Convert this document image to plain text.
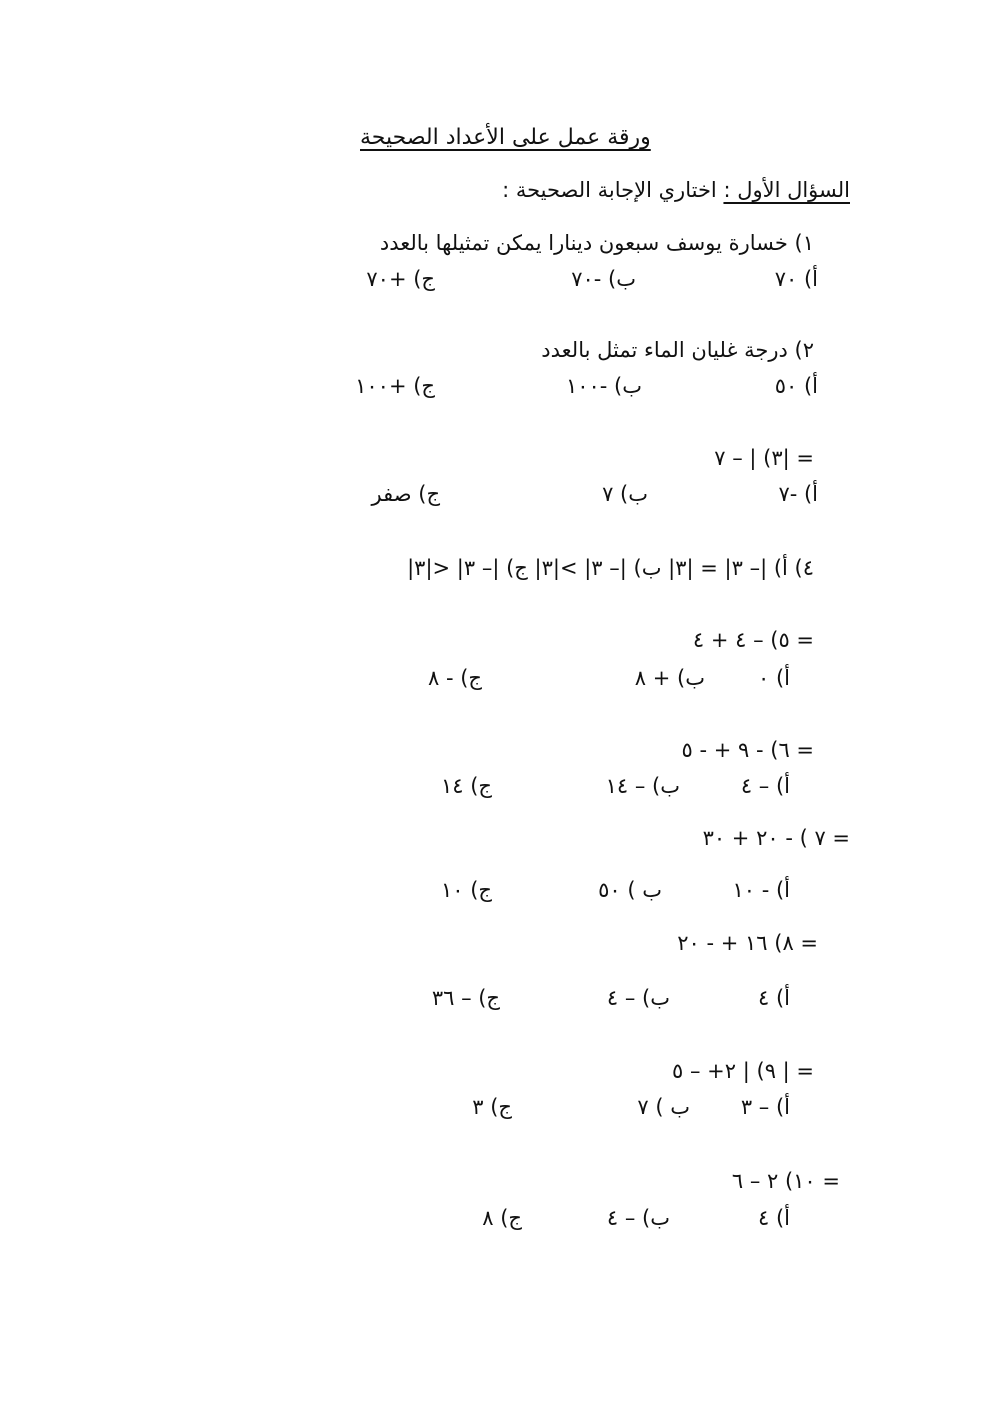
ورقة عمل على الأعداد الصحيحة
السؤال الأول : اختاري الإجابة الصحيحة :
١) خسارة يوسف سبعون دينارا يمكن تمثيلها بالعدد
أ) ٧٠
ب) -٧٠
ج) +٧٠
٢) درجة غليان الماء تمثل بالعدد
أ) ٥٠
ب) -١٠٠
ج) +١٠٠
٣) | – ٧| =
أ) -٧
ب) ٧
ج) صفر
٤) أ) |– ٣| = |٣| ب) |– ٣| >|٣| ج) |– ٣| <|٣|
٥) – ٤ + ٤ =
أ) ٠
ب) + ٨
ج) - ٨
٦) - ٩ + - ٥ =
أ) – ٤
ب) – ١٤
ج) ١٤
٧ ) - ٢٠ + ٣٠ =
أ) - ١٠
ب ) ٥٠
ج) ١٠
٨) ١٦ + - ٢٠ =
أ) ٤
ب) – ٤
ج) – ٣٦
٩) | ٢+ – ٥ | =
أ) – ٣
ب ) ٧
ج) ٣
١٠) ٢ – ٦ =
أ) ٤
ب) – ٤
ج) ٨
